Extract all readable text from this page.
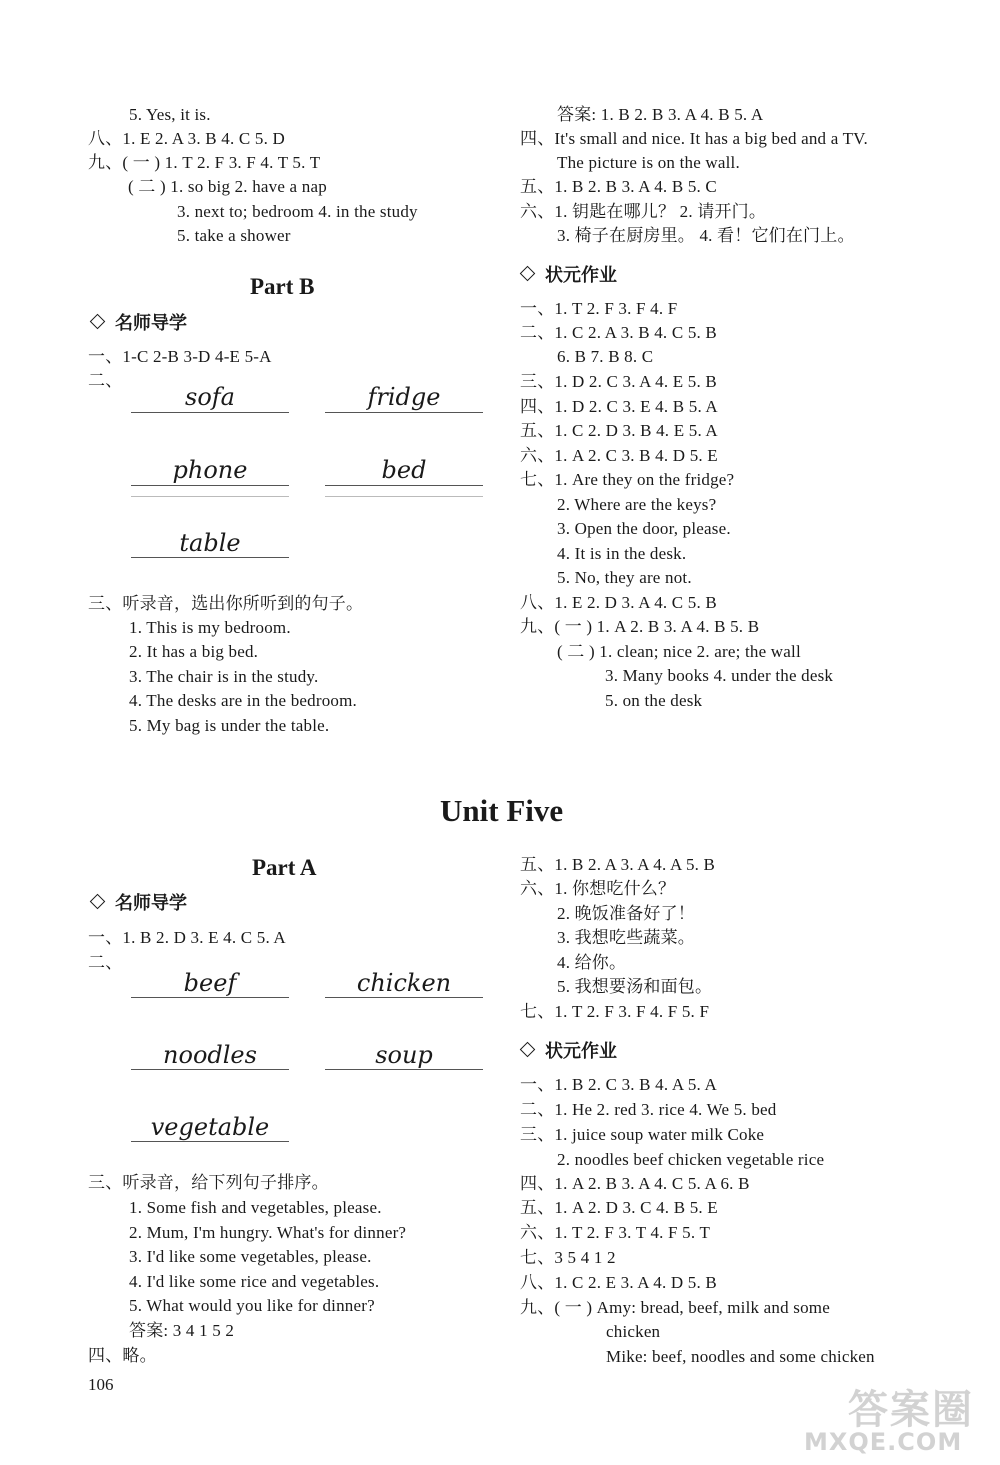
5. Yes, it is.
八、1. E 2. A 3. B 4. C 5. D
九、( 一 ) 1. T 2. F 3. F 4. T 5. T
( 二 ) 1. so big 2. have a nap
3. next to; bedroom 4. in the study
5. take a shower
Part B
名师导学
一、1-C 2-B 3-D 4-E 5-A
二、
sofa	fridge
phone	bed
table
三、听录音，选出你所听到的句子。
1. This is my bedroom.
2. It has a big bed.
3. The chair is in the study.
4. The desks are in the bedroom.
5. My bag is under the table.
答案: 1. B 2. B 3. A 4. B 5. A
四、It's small and nice. It has a big bed and a TV.
The picture is on the wall.
五、1. B 2. B 3. A 4. B 5. C
六、1. 钥匙在哪儿？ 2. 请开门。
3. 椅子在厨房里。 4. 看！它们在门上。
状元作业
一、1. T 2. F 3. F 4. F
二、1. C 2. A 3. B 4. C 5. B
6. B 7. B 8. C
三、1. D 2. C 3. A 4. E 5. B
四、1. D 2. C 3. E 4. B 5. A
五、1. C 2. D 3. B 4. E 5. A
六、1. A 2. C 3. B 4. D 5. E
七、1. Are they on the fridge?
2. Where are the keys?
3. Open the door, please.
4. It is in the desk.
5. No, they are not.
八、1. E 2. D 3. A 4. C 5. B
九、( 一 ) 1. A 2. B 3. A 4. B 5. B
( 二 ) 1. clean; nice 2. are; the wall
3. Many books 4. under the desk
5. on the desk
Unit Five
Part A
名师导学
一、1. B 2. D 3. E 4. C 5. A
二、
beef	chicken
noodles	soup
vegetable
三、听录音，给下列句子排序。
1. Some fish and vegetables, please.
2. Mum, I'm hungry. What's for dinner?
3. I'd like some vegetables, please.
4. I'd like some rice and vegetables.
5. What would you like for dinner?
答案: 3 4 1 5 2
四、略。
106
五、1. B 2. A 3. A 4. A 5. B
六、1. 你想吃什么？
2. 晚饭准备好了！
3. 我想吃些蔬菜。
4. 给你。
5. 我想要汤和面包。
七、1. T 2. F 3. F 4. F 5. F
状元作业
一、1. B 2. C 3. B 4. A 5. A
二、1. He 2. red 3. rice 4. We 5. bed
三、1. juice soup water milk Coke
2. noodles beef chicken vegetable rice
四、1. A 2. B 3. A 4. C 5. A 6. B
五、1. A 2. D 3. C 4. B 5. E
六、1. T 2. F 3. T 4. F 5. T
七、3 5 4 1 2
八、1. C 2. E 3. A 4. D 5. B
九、( 一 ) Amy: bread, beef, milk and some
chicken
Mike: beef, noodles and some chicken
答案圈
MXQE.COM
